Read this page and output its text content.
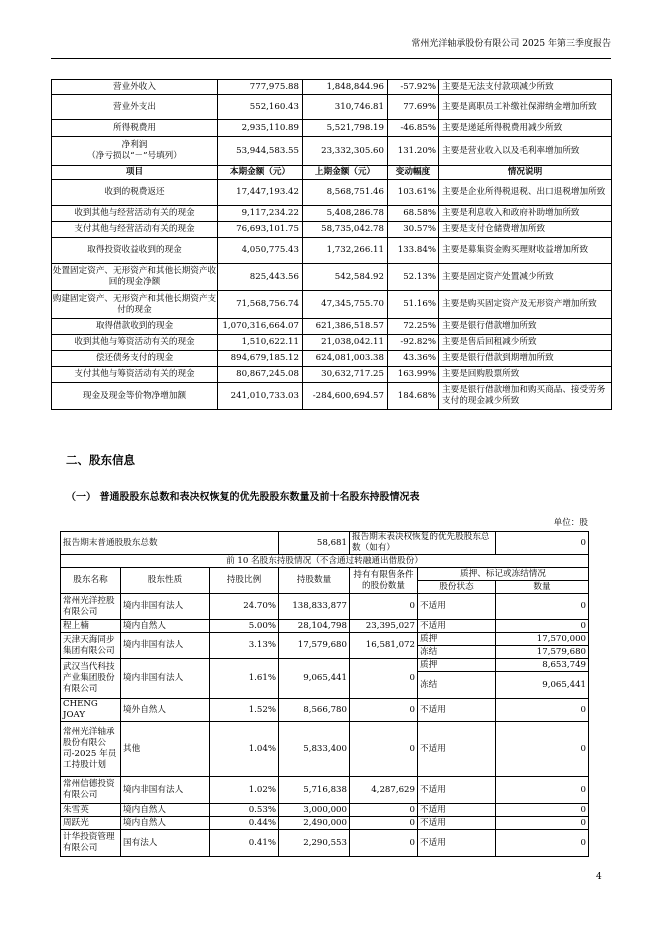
常州光洋轴承股份有限公司 2025 年第三季度报告
营业外收入	777,975.88	1,848,844.96	-57.92%	主要是无法支付款项减少所致
营业外支出	552,160.43	310,746.81	77.69%	主要是离职员工补缴社保滞纳金增加所致
所得税费用	2,935,110.89	5,521,798.19	-46.85%	主要是递延所得税费用减少所致

净利润
（净亏损以“－”号填列）	53,944,583.55	23,332,305.60	131.20%	主要是营业收入以及毛利率增加所致
项目	本期金额（元）	上期金额（元）	变动幅度	情况说明
收到的税费返还	17,447,193.42	8,568,751.46	103.61%	主要是企业所得税退税、出口退税增加所致
收到其他与经营活动有关的现金	9,117,234.22	5,408,286.78	68.58%	主要是利息收入和政府补助增加所致
支付其他与经营活动有关的现金	76,693,101.75	58,735,042.78	30.57%	主要是支付仓储费增加所致
取得投资收益收到的现金	4,050,775.43	1,732,266.11	133.84%	主要是募集资金购买理财收益增加所致
处置固定资产、无形资产和其他长期资产收回的现金净额	825,443.56	542,584.92	52.13%	主要是固定资产处置减少所致
购建固定资产、无形资产和其他长期资产支付的现金	71,568,756.74	47,345,755.70	51.16%	主要是购买固定资产及无形资产增加所致
取得借款收到的现金	1,070,316,664.07	621,386,518.57	72.25%	主要是银行借款增加所致
收到其他与筹资活动有关的现金	1,510,622.11	21,038,042.11	-92.82%	主要是售后回租减少所致
偿还债务支付的现金	894,679,185.12	624,081,003.38	43.36%	主要是银行借款到期增加所致
支付其他与筹资活动有关的现金	80,867,245.08	30,632,717.25	163.99%	主要是回购股票所致
现金及现金等价物净增加额	241,010,733.03	-284,600,694.57	184.68%	主要是银行借款增加和购买商品、接受劳务支付的现金减少所致
二、股东信息
（一） 普通股股东总数和表决权恢复的优先股股东数量及前十名股东持股情况表
单位：股
报告期末普通股股东总数			58,681	报告期末表决权恢复的优先股股东总数（如有）		0
前 10 名股东持股情况（不含通过转融通出借股份）						
股东名称	股东性质	持股比例	持股数量	持有有限售条件的股份数量	质押、标记或冻结情况	
					股份状态	数量
常州光洋控股有限公司	境内非国有法人	24.70%	138,833,877	0	不适用	0
程上楠	境内自然人	5.00%	28,104,798	23,395,027	不适用	0
天津天海同步集团有限公司	境内非国有法人	3.13%	17,579,680	16,581,072	质押	17,570,000
					冻结	17,579,680
武汉当代科技产业集团股份有限公司	境内非国有法人	1.61%	9,065,441	0	质押	8,653,749
					冻结	9,065,441
CHENG JOAY	境外自然人	1.52%	8,566,780	0	不适用	0
常州光洋轴承股份有限公司-2025 年员工持股计划	其他	1.04%	5,833,400	0	不适用	0
常州信德投资有限公司	境内非国有法人	1.02%	5,716,838	4,287,629	不适用	0
朱雪英	境内自然人	0.53%	3,000,000	0	不适用	0
周跃光	境内自然人	0.44%	2,490,000	0	不适用	0
计华投资管理有限公司	国有法人	0.41%	2,290,553	0	不适用	0
4
